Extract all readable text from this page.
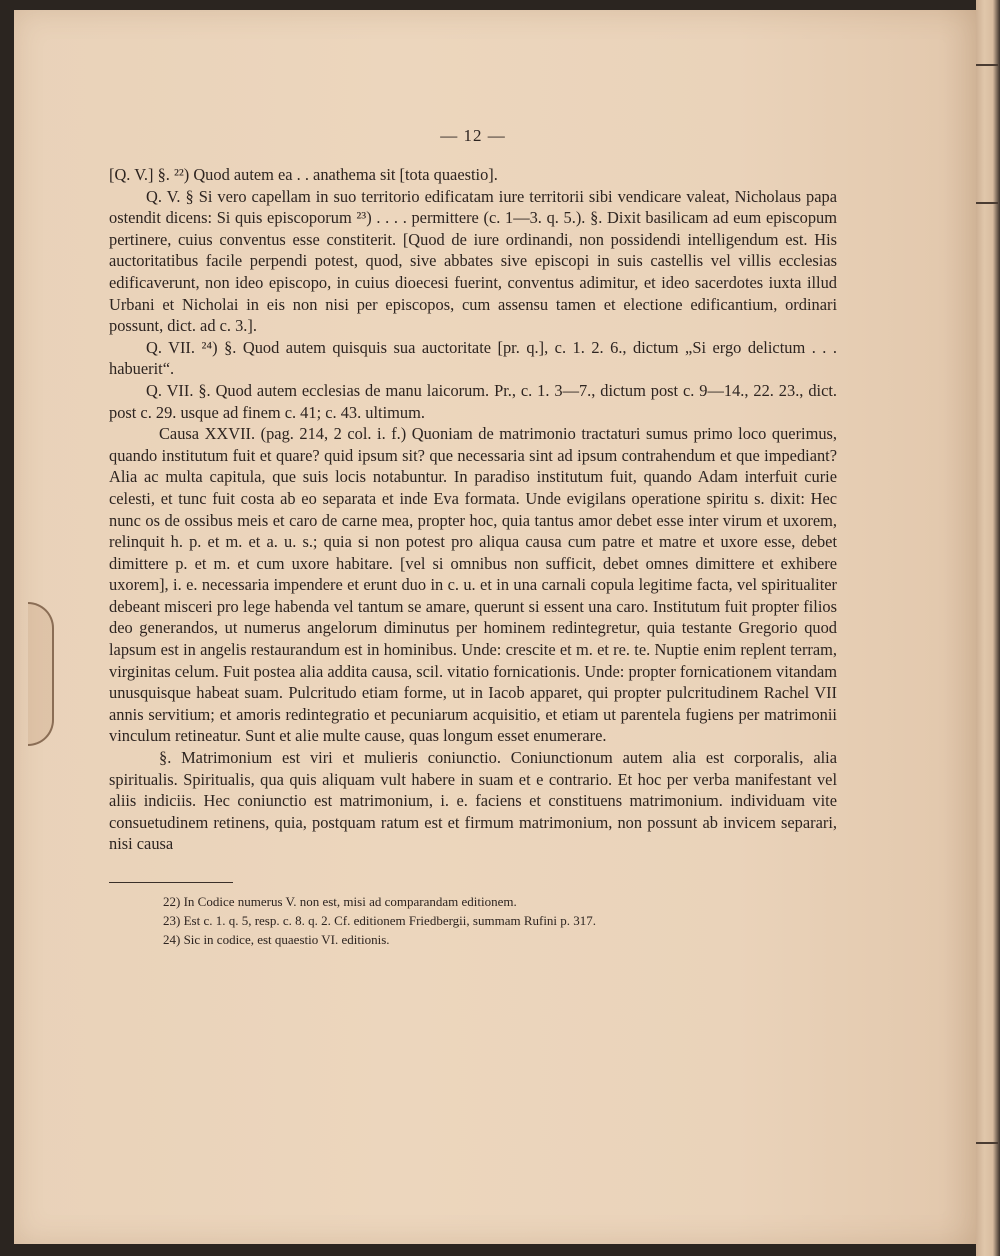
— 12 —

[Q. V.] §. ²²) Quod autem ea . . anathema sit [tota quaestio].

Q. V. § Si vero capellam in suo territorio edificatam iure territorii sibi vendicare valeat, Nicholaus papa ostendit dicens: Si quis episcoporum ²³) . . . . permittere (c. 1—3. q. 5.). §. Dixit basilicam ad eum episcopum pertinere, cuius conventus esse constiterit. [Quod de iure ordinandi, non possidendi intelligendum est. His auctoritatibus facile perpendi potest, quod, sive abbates sive episcopi in suis castellis vel villis ecclesias edificaverunt, non ideo episcopo, in cuius dioecesi fuerint, conventus adimitur, et ideo sacerdotes iuxta illud Urbani et Nicholai in eis non nisi per episcopos, cum assensu tamen et electione edificantium, ordinari possunt, dict. ad c. 3.].

Q. VII. ²⁴) §. Quod autem quisquis sua auctoritate [pr. q.], c. 1. 2. 6., dictum „Si ergo delictum . . . habuerit“.

Q. VII. §. Quod autem ecclesias de manu laicorum. Pr., c. 1. 3—7., dictum post c. 9—14., 22. 23., dict. post c. 29. usque ad finem c. 41; c. 43. ultimum.

Causa XXVII. (pag. 214, 2 col. i. f.) Quoniam de matrimonio tractaturi sumus primo loco querimus, quando institutum fuit et quare? quid ipsum sit? que necessaria sint ad ipsum contrahendum et que impediant? Alia ac multa capitula, que suis locis notabuntur. In paradiso institutum fuit, quando Adam interfuit curie celesti, et tunc fuit costa ab eo separata et inde Eva formata. Unde evigilans operatione spiritu s. dixit: Hec nunc os de ossibus meis et caro de carne mea, propter hoc, quia tantus amor debet esse inter virum et uxorem, relinquit h. p. et m. et a. u. s.; quia si non potest pro aliqua causa cum patre et matre et uxore esse, debet dimittere p. et m. et cum uxore habitare. [vel si omnibus non sufficit, debet omnes dimittere et exhibere uxorem], i. e. necessaria impendere et erunt duo in c. u. et in una carnali copula legitime facta, vel spiritualiter debeant misceri pro lege habenda vel tantum se amare, querunt si essent una caro. Institutum fuit propter filios deo generandos, ut numerus angelorum diminutus per hominem redintegretur, quia testante Gregorio quod lapsum est in angelis restaurandum est in hominibus. Unde: crescite et m. et re. te. Nuptie enim replent terram, virginitas celum. Fuit postea alia addita causa, scil. vitatio fornicationis. Unde: propter fornicationem vitandam unusquisque habeat suam. Pulcritudo etiam forme, ut in Iacob apparet, qui propter pulcritudinem Rachel VII annis servitium; et amoris redintegratio et pecuniarum acquisitio, et etiam ut parentela fugiens per matrimonii vinculum retineatur. Sunt et alie multe cause, quas longum esset enumerare.

§. Matrimonium est viri et mulieris coniunctio. Coniunctionum autem alia est corporalis, alia spiritualis. Spiritualis, qua quis aliquam vult habere in suam et e contrario. Et hoc per verba manifestant vel aliis indiciis. Hec coniunctio est matrimonium, i. e. faciens et constituens matrimonium. individuam vite consuetudinem retinens, quia, postquam ratum est et firmum matrimonium, non possunt ab invicem separari, nisi causa

22) In Codice numerus V. non est, misi ad comparandam editionem.

23) Est c. 1. q. 5, resp. c. 8. q. 2. Cf. editionem Friedbergii, summam Rufini p. 317.

24) Sic in codice, est quaestio VI. editionis.
